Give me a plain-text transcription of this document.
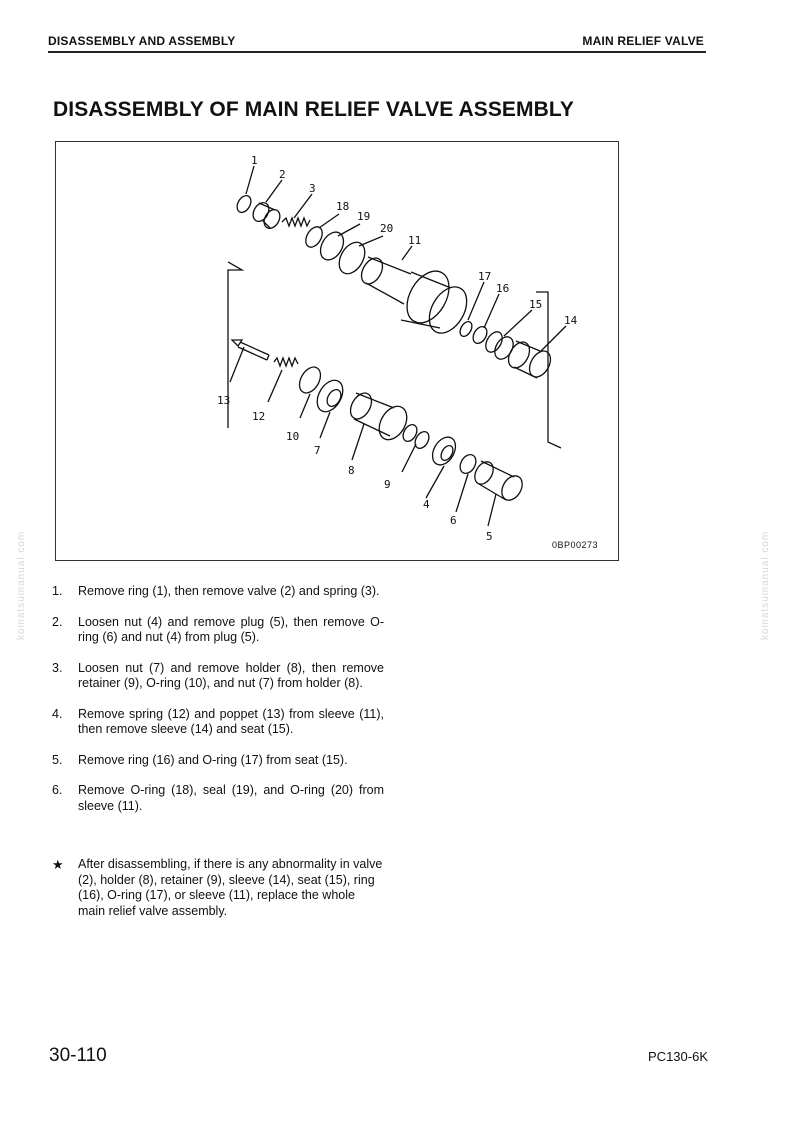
DISASSEMBLY AND ASSEMBLY	MAIN RELIEF VALVE
DISASSEMBLY OF MAIN RELIEF VALVE ASSEMBLY
1
2
3
18
19
20
11
17
16
15
14
13
12
10
7
8
9
4
6
5
0BP00273
1. Remove ring (1), then remove valve (2) and spring (3).
2. Loosen nut (4) and remove plug (5), then remove O-ring (6) and nut (4) from plug (5).
3. Loosen nut (7) and remove holder (8), then remove retainer (9), O-ring (10), and nut (7) from holder (8).
4. Remove spring (12) and poppet (13) from sleeve (11), then remove sleeve (14) and seat (15).
5. Remove ring (16) and O-ring (17) from seat (15).
6. Remove O-ring (18), seal (19), and O-ring (20) from sleeve (11).
★ After disassembling, if there is any abnormality in valve (2), holder (8), retainer (9), sleeve (14), seat (15), ring (16), O-ring (17), or sleeve (11), replace the whole main relief valve assembly.
30-110	PC130-6K
komatsumanual.com	komatsumanual.com
